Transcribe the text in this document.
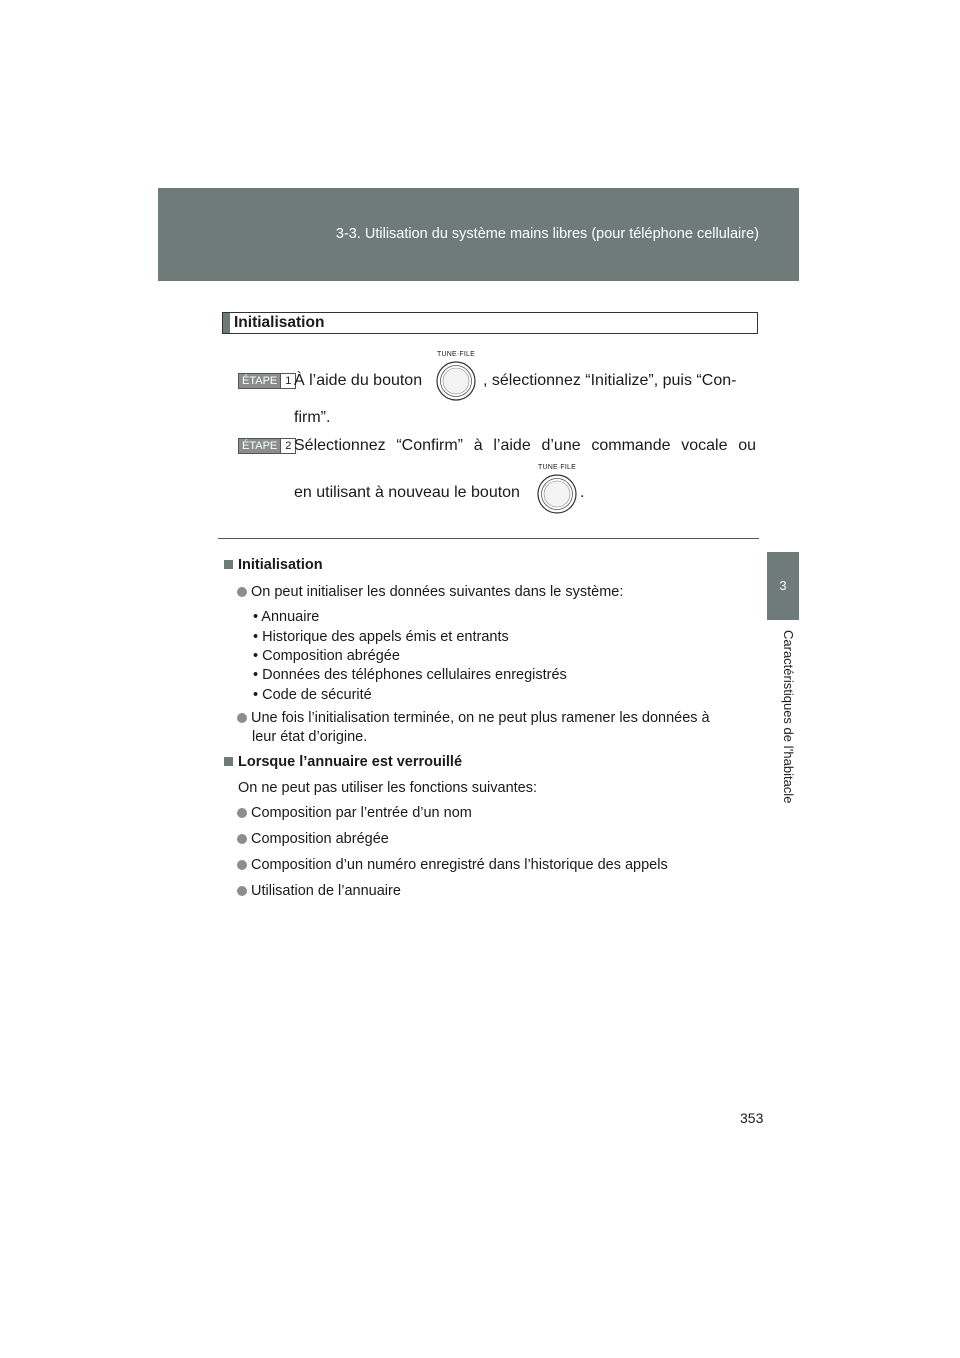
3-3. Utilisation du système mains libres (pour téléphone cellulaire)
3
Caractéristiques de l’habitacle
Initialisation
ÉTAPE 1 À l’aide du bouton
TUNE·FILE
, sélectionnez “Initialize”, puis “Con-
firm”.
ÉTAPE 2 Sélectionnez “Confirm” à l’aide d’une commande vocale ou
en utilisant à nouveau le bouton
TUNE·FILE
.
Initialisation
On peut initialiser les données suivantes dans le système:
• Annuaire
• Historique des appels émis et entrants
• Composition abrégée
• Données des téléphones cellulaires enregistrés
• Code de sécurité
Une fois l’initialisation terminée, on ne peut plus ramener les données à
leur état d’origine.
Lorsque l’annuaire est verrouillé
On ne peut pas utiliser les fonctions suivantes:
Composition par l’entrée d’un nom
Composition abrégée
Composition d’un numéro enregistré dans l’historique des appels
Utilisation de l’annuaire
353
